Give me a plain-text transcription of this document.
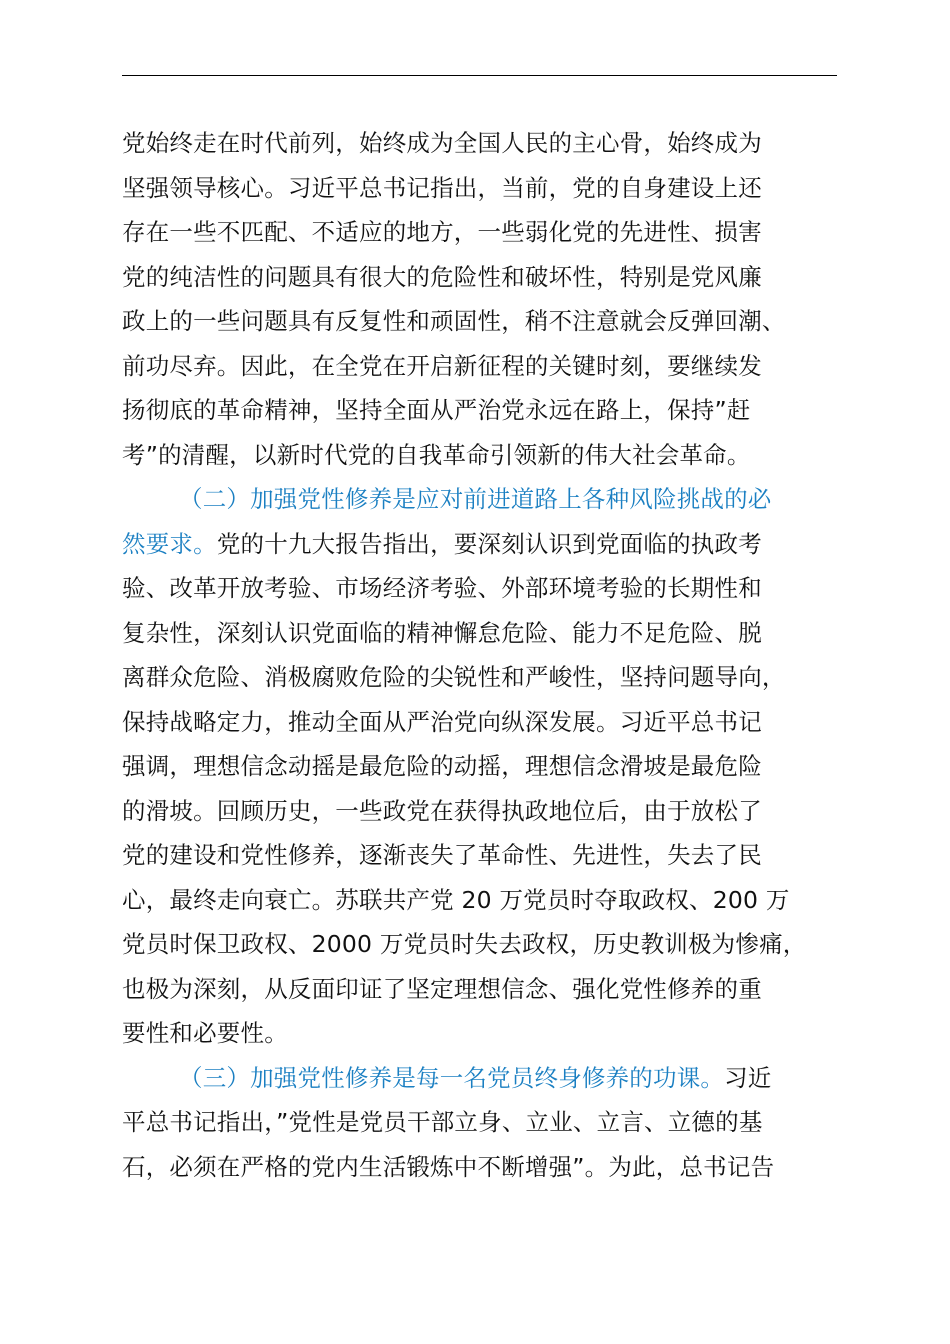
党始终走在时代前列，始终成为全国人民的主心骨，始终成为
坚强领导核心。习近平总书记指出，当前，党的自身建设上还
存在一些不匹配、不适应的地方，一些弱化党的先进性、损害
党的纯洁性的问题具有很大的危险性和破坏性，特别是党风廉
政上的一些问题具有反复性和顽固性，稍不注意就会反弹回潮、
前功尽弃。因此，在全党在开启新征程的关键时刻，要继续发
扬彻底的革命精神，坚持全面从严治党永远在路上，保持”赶
考”的清醒，以新时代党的自我革命引领新的伟大社会革命。

（二）加强党性修养是应对前进道路上各种风险挑战的必
然要求。党的十九大报告指出，要深刻认识到党面临的执政考
验、改革开放考验、市场经济考验、外部环境考验的长期性和
复杂性，深刻认识党面临的精神懈怠危险、能力不足危险、脱
离群众危险、消极腐败危险的尖锐性和严峻性，坚持问题导向，
保持战略定力，推动全面从严治党向纵深发展。习近平总书记
强调，理想信念动摇是最危险的动摇，理想信念滑坡是最危险
的滑坡。回顾历史，一些政党在获得执政地位后，由于放松了
党的建设和党性修养，逐渐丧失了革命性、先进性，失去了民
心，最终走向衰亡。苏联共产党 20 万党员时夺取政权、200 万
党员时保卫政权、2000 万党员时失去政权，历史教训极为惨痛，
也极为深刻，从反面印证了坚定理想信念、强化党性修养的重
要性和必要性。

（三）加强党性修养是每一名党员终身修养的功课。习近
平总书记指出，”党性是党员干部立身、立业、立言、立德的基
石，必须在严格的党内生活锻炼中不断增强”。为此，总书记告
